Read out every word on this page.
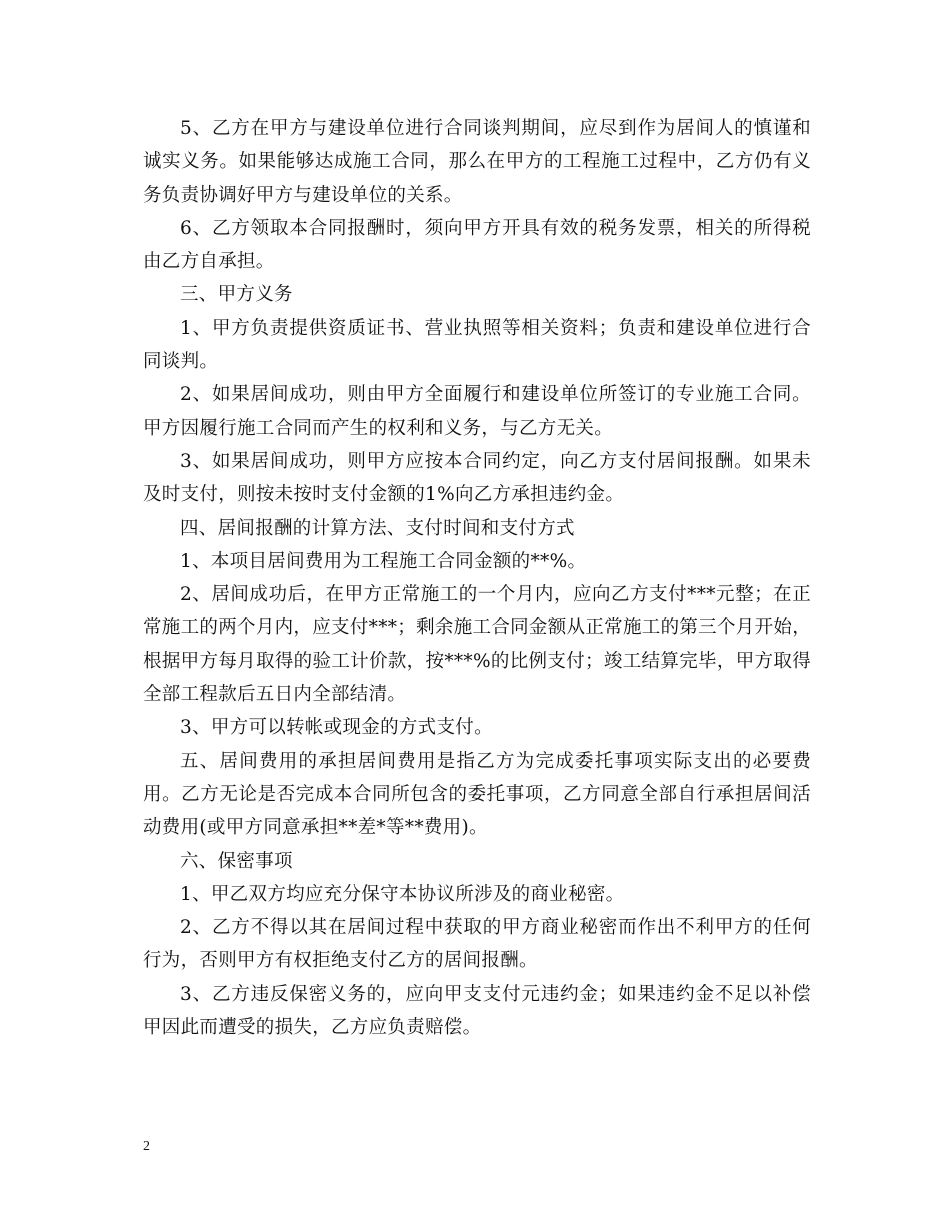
5、乙方在甲方与建设单位进行合同谈判期间，应尽到作为居间人的慎谨和诚实义务。如果能够达成施工合同，那么在甲方的工程施工过程中，乙方仍有义务负责协调好甲方与建设单位的关系。

6、乙方领取本合同报酬时，须向甲方开具有效的税务发票，相关的所得税由乙方自承担。

三、甲方义务

1、甲方负责提供资质证书、营业执照等相关资料；负责和建设单位进行合同谈判。

2、如果居间成功，则由甲方全面履行和建设单位所签订的专业施工合同。甲方因履行施工合同而产生的权利和义务，与乙方无关。

3、如果居间成功，则甲方应按本合同约定，向乙方支付居间报酬。如果未及时支付，则按未按时支付金额的1%向乙方承担违约金。

四、居间报酬的计算方法、支付时间和支付方式

1、本项目居间费用为工程施工合同金额的**%。

2、居间成功后，在甲方正常施工的一个月内，应向乙方支付***元整；在正常施工的两个月内，应支付***；剩余施工合同金额从正常施工的第三个月开始，根据甲方每月取得的验工计价款，按***%的比例支付；竣工结算完毕，甲方取得全部工程款后五日内全部结清。

3、甲方可以转帐或现金的方式支付。

五、居间费用的承担居间费用是指乙方为完成委托事项实际支出的必要费用。乙方无论是否完成本合同所包含的委托事项，乙方同意全部自行承担居间活动费用(或甲方同意承担**差*等**费用)。

六、保密事项

1、甲乙双方均应充分保守本协议所涉及的商业秘密。

2、乙方不得以其在居间过程中获取的甲方商业秘密而作出不利甲方的任何行为，否则甲方有权拒绝支付乙方的居间报酬。

3、乙方违反保密义务的，应向甲支支付元违约金；如果违约金不足以补偿甲因此而遭受的损失，乙方应负责赔偿。

2
